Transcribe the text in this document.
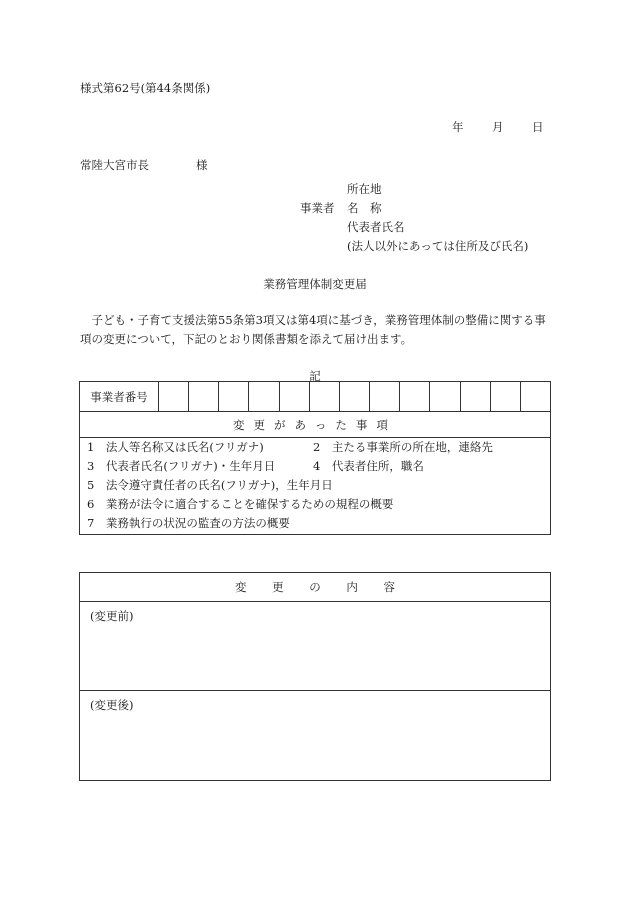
様式第62号(第44条関係)
年 月 日
常陸大宮市長	様
所在地
事業者 名　称
代表者氏名
(法人以外にあっては住所及び氏名)
業務管理体制変更届
子ども・子育て支援法第55条第3項又は第4項に基づき，業務管理体制の整備に関する事項の変更について，下記のとおり関係書類を添えて届け出ます。
記
事業者番号
変更があった事項
1　法人等名称又は氏名(フリガナ)	2　主たる事業所の所在地，連絡先
3　代表者氏名(フリガナ)・生年月日	4　代表者住所，職名
5　法令遵守責任者の氏名(フリガナ)，生年月日
6　業務が法令に適合することを確保するための規程の概要
7　業務執行の状況の監査の方法の概要
変 更 の 内 容
(変更前)
(変更後)
